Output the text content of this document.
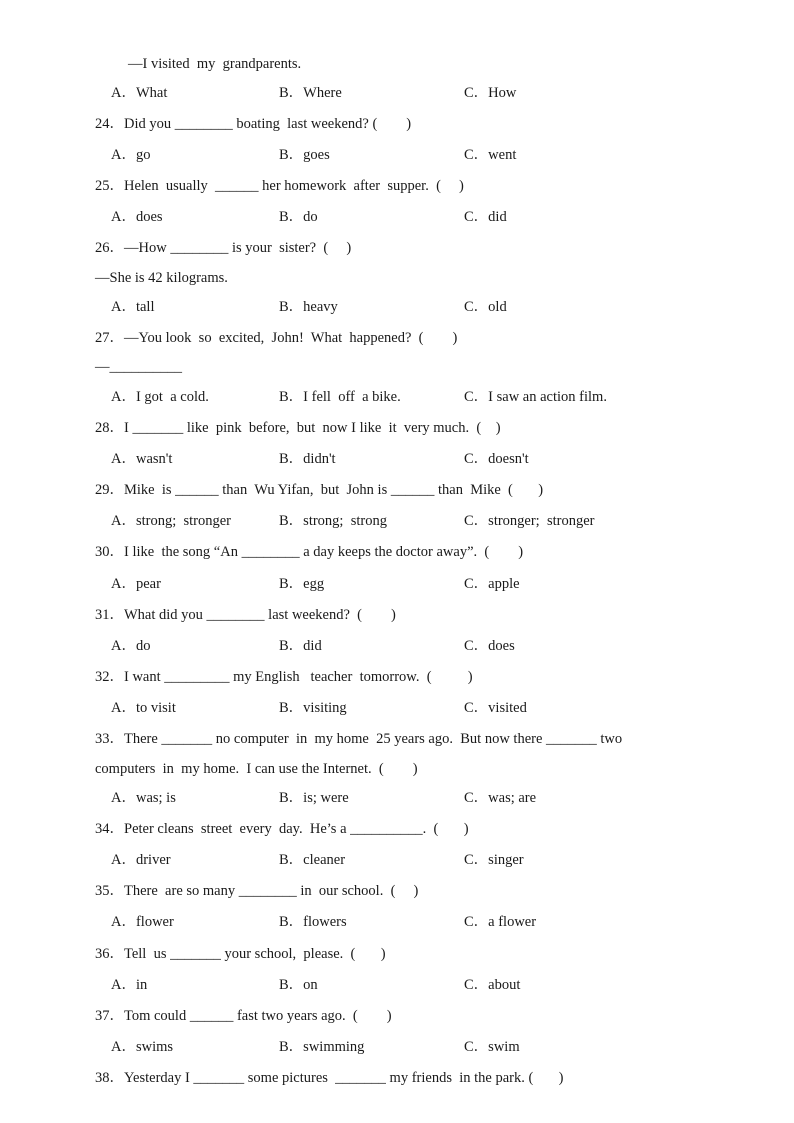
—I visited  my  grandparents.
A．What	B．Where	C．How
24．Did you ________ boating  last weekend? (        )
A．go	B．goes	C．went
25．Helen  usually  ______ her homework  after  supper.  (     )
A．does	B．do	C．did
26．—How ________ is your  sister?  (     )
—She is 42 kilograms.
A．tall	B．heavy	C．old
27．—You look  so  excited,  John!  What  happened?  (        )
—__________
A．I got  a cold.	B．I fell  off  a bike.	C．I saw an action film.
28．I _______ like  pink  before,  but  now I like  it  very much.  (    )
A．wasn't	B．didn't	C．doesn't
29．Mike  is ______ than  Wu Yifan,  but  John is ______ than  Mike  (       )
A．strong;  stronger	B．strong;  strong	C．stronger;  stronger
30．I like  the song “An ________ a day keeps the doctor away”.  (        )
A．pear	B．egg	C．apple
31．What did you ________ last weekend?  (        )
A．do	B．did	C．does
32．I want _________ my English   teacher  tomorrow.  (          )
A．to visit	B．visiting	C．visited
33．There _______ no computer  in  my home  25 years ago.  But now there _______ two
computers  in  my home.  I can use the Internet.  (        )
A．was; is	B．is; were	C．was; are
34．Peter cleans  street  every  day.  He’s a __________.  (       )
A．driver	B．cleaner	C．singer
35．There  are so many ________ in  our school.  (     )
A．flower	B．flowers	C．a flower
36．Tell  us _______ your school,  please.  (       )
A．in	B．on	C．about
37．Tom could ______ fast two years ago.  (        )
A．swims	B．swimming	C．swim
38．Yesterday I _______ some pictures  _______ my friends  in the park. (       )
